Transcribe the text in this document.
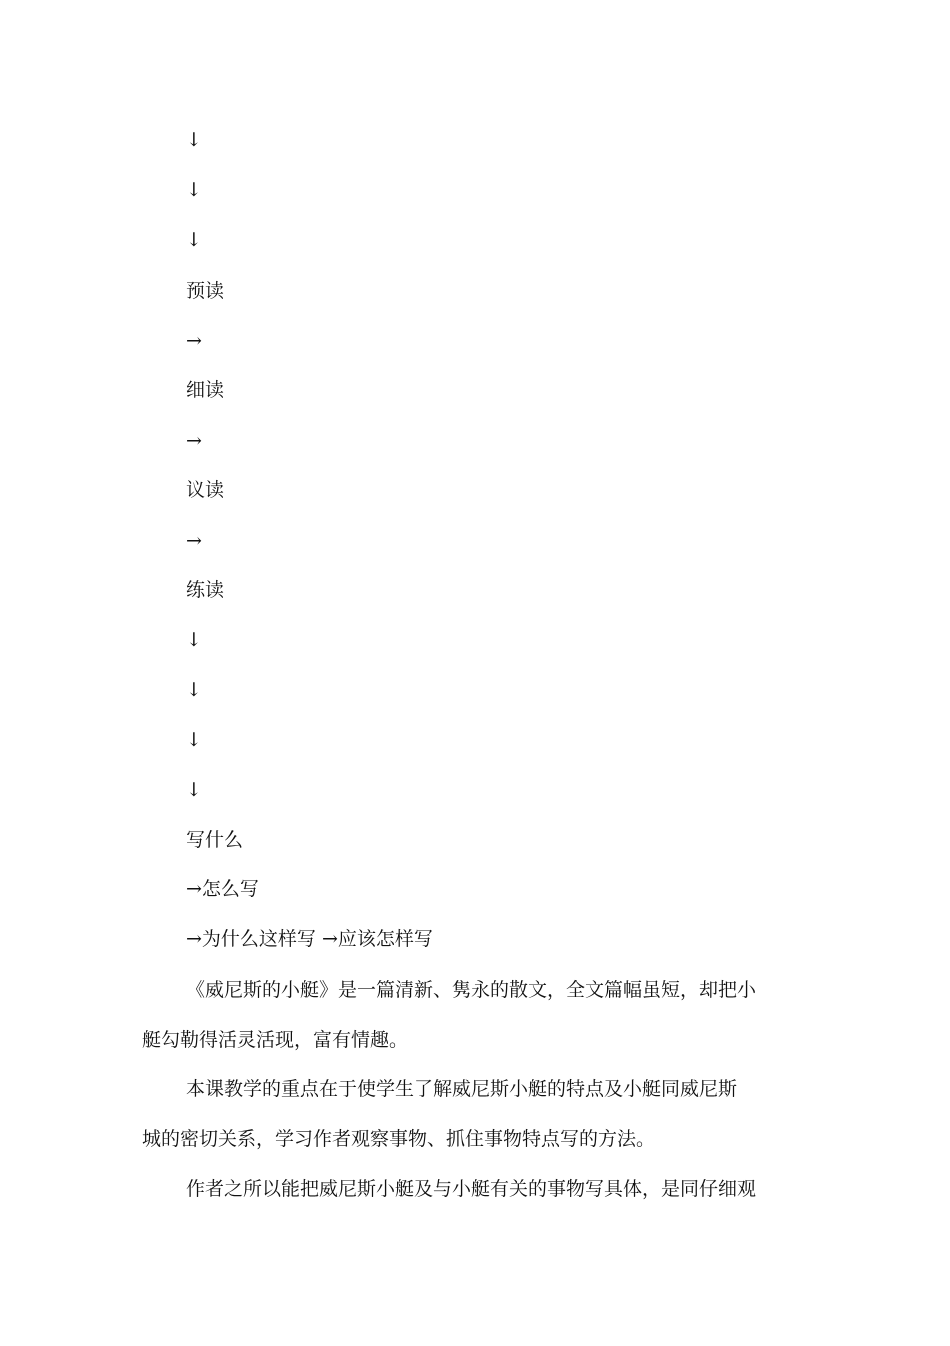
↓
↓
↓
预读
→
细读
→
议读
→
练读
↓
↓
↓
↓
写什么
→怎么写
→为什么这样写 →应该怎样写
《威尼斯的小艇》是一篇清新、隽永的散文，全文篇幅虽短，却把小
艇勾勒得活灵活现，富有情趣。
本课教学的重点在于使学生了解威尼斯小艇的特点及小艇同威尼斯
城的密切关系，学习作者观察事物、抓住事物特点写的方法。
作者之所以能把威尼斯小艇及与小艇有关的事物写具体，是同仔细观
